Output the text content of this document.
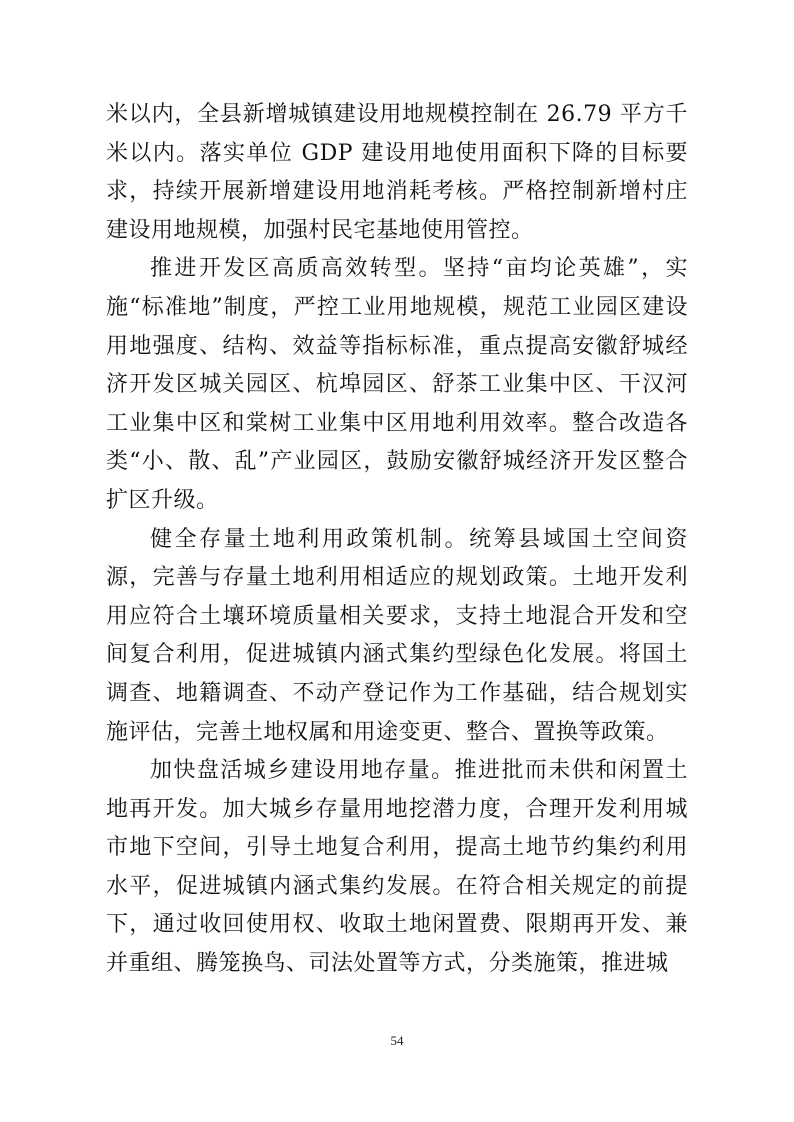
米以内，全县新增城镇建设用地规模控制在 26.79 平方千米以内。落实单位 GDP 建设用地使用面积下降的目标要求，持续开展新增建设用地消耗考核。严格控制新增村庄建设用地规模，加强村民宅基地使用管控。

推进开发区高质高效转型。坚持“亩均论英雄”，实施“标准地”制度，严控工业用地规模，规范工业园区建设用地强度、结构、效益等指标标准，重点提高安徽舒城经济开发区城关园区、杭埠园区、舒茶工业集中区、干汉河工业集中区和棠树工业集中区用地利用效率。整合改造各类“小、散、乱”产业园区，鼓励安徽舒城经济开发区整合扩区升级。

健全存量土地利用政策机制。统筹县域国土空间资源，完善与存量土地利用相适应的规划政策。土地开发利用应符合土壤环境质量相关要求，支持土地混合开发和空间复合利用，促进城镇内涵式集约型绿色化发展。将国土调查、地籍调查、不动产登记作为工作基础，结合规划实施评估，完善土地权属和用途变更、整合、置换等政策。

加快盘活城乡建设用地存量。推进批而未供和闲置土地再开发。加大城乡存量用地挖潜力度，合理开发利用城市地下空间，引导土地复合利用，提高土地节约集约利用水平，促进城镇内涵式集约发展。在符合相关规定的前提下，通过收回使用权、收取土地闲置费、限期再开发、兼并重组、腾笼换鸟、司法处置等方式，分类施策，推进城

54
